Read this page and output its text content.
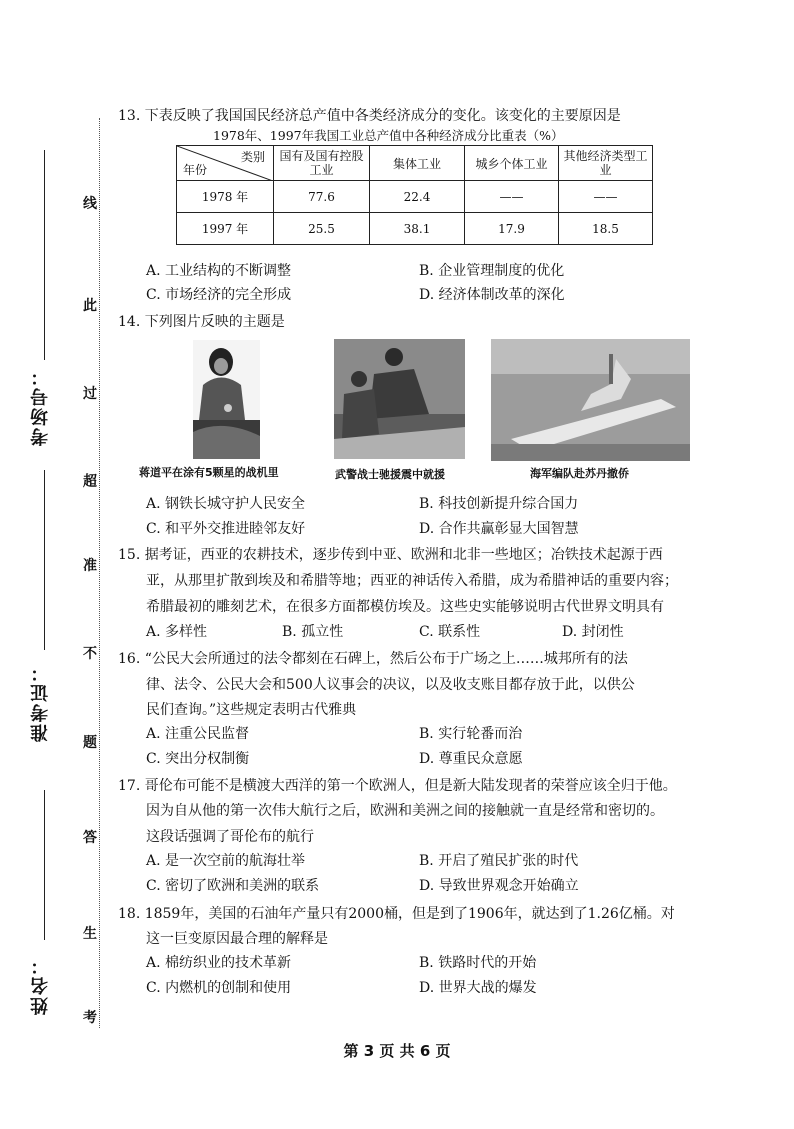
线
此
过
超
准
不
题
答
生
考
考场号：
准考证：
姓名：
13. 下表反映了我国国民经济总产值中各类经济成分的变化。该变化的主要原因是
1978年、1997年我国工业总产值中各种经济成分比重表（%）
类别
年份	国有及国有控股工业	集体工业	城乡个体工业	其他经济类型工业
1978 年	77.6	22.4	——	——
1997 年	25.5	38.1	17.9	18.5
A. 工业结构的不断调整	B. 企业管理制度的优化
C. 市场经济的完全形成	D. 经济体制改革的深化
14. 下列图片反映的主题是
蒋道平在涂有5颗星的战机里	武警战士驰援震中就援	海军编队赴苏丹撤侨
A. 钢铁长城守护人民安全	B. 科技创新提升综合国力
C. 和平外交推进睦邻友好	D. 合作共赢彰显大国智慧
15. 据考证，西亚的农耕技术，逐步传到中亚、欧洲和北非一些地区；冶铁技术起源于西
亚，从那里扩散到埃及和希腊等地；西亚的神话传入希腊，成为希腊神话的重要内容；
希腊最初的雕刻艺术，在很多方面都模仿埃及。这些史实能够说明古代世界文明具有
A. 多样性	B. 孤立性	C. 联系性	D. 封闭性
16. “公民大会所通过的法令都刻在石碑上，然后公布于广场之上……城邦所有的法
律、法令、公民大会和500人议事会的决议，以及收支账目都存放于此，以供公
民们查询。”这些规定表明古代雅典
A. 注重公民监督	B. 实行轮番而治
C. 突出分权制衡	D. 尊重民众意愿
17. 哥伦布可能不是横渡大西洋的第一个欧洲人，但是新大陆发现者的荣誉应该全归于他。
因为自从他的第一次伟大航行之后，欧洲和美洲之间的接触就一直是经常和密切的。
这段话强调了哥伦布的航行
A. 是一次空前的航海壮举	B. 开启了殖民扩张的时代
C. 密切了欧洲和美洲的联系	D. 导致世界观念开始确立
18. 1859年，美国的石油年产量只有2000桶，但是到了1906年，就达到了1.26亿桶。对
这一巨变原因最合理的解释是
A. 棉纺织业的技术革新	B. 铁路时代的开始
C. 内燃机的创制和使用	D. 世界大战的爆发
第 3 页 共 6 页
